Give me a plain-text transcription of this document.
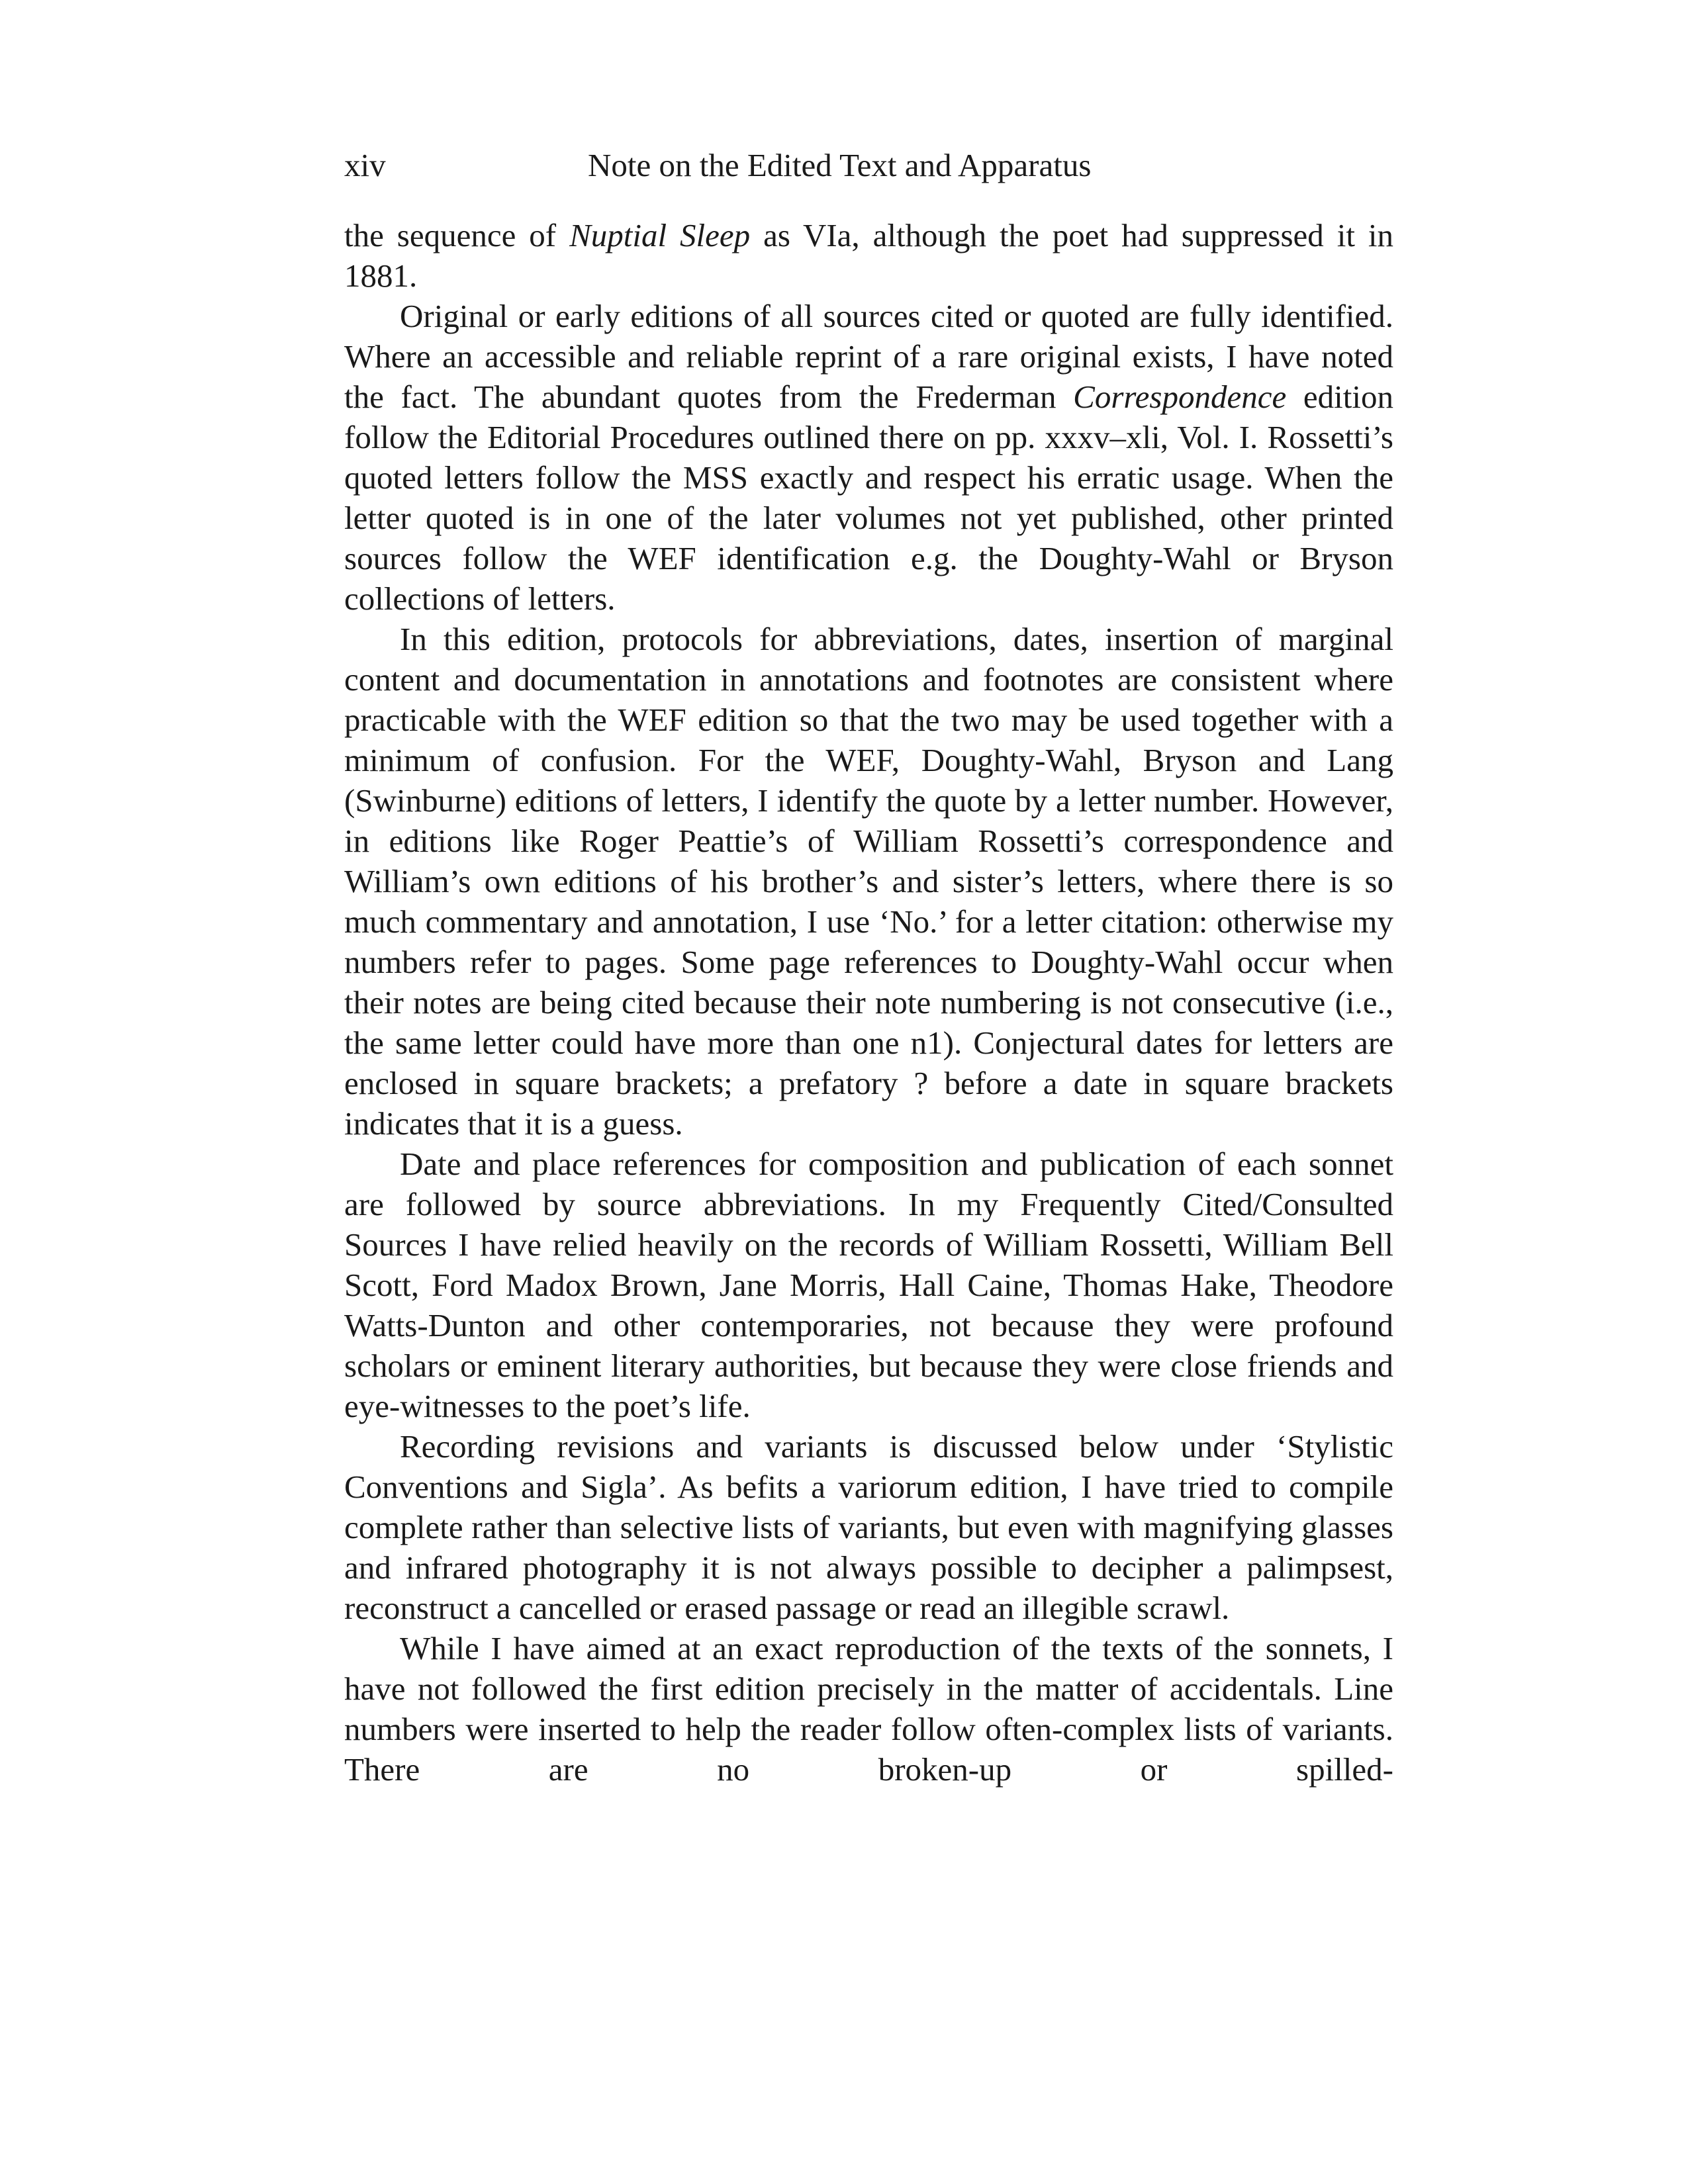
xiv	Note on the Edited Text and Apparatus

the sequence of Nuptial Sleep as VIa, although the poet had suppressed it in 1881.

Original or early editions of all sources cited or quoted are fully identified. Where an accessible and reliable reprint of a rare original exists, I have noted the fact. The abundant quotes from the Frederman Correspondence edition follow the Editorial Procedures outlined there on pp. xxxv–xli, Vol. I. Rossetti’s quoted letters follow the MSS exactly and respect his erratic usage. When the letter quoted is in one of the later volumes not yet published, other printed sources follow the WEF identification e.g. the Doughty-Wahl or Bryson collections of letters.

In this edition, protocols for abbreviations, dates, insertion of marginal content and documentation in annotations and footnotes are consistent where practicable with the WEF edition so that the two may be used together with a minimum of confusion. For the WEF, Doughty-Wahl, Bryson and Lang (Swinburne) editions of letters, I identify the quote by a letter number. However, in editions like Roger Peattie’s of William Rossetti’s correspondence and William’s own editions of his brother’s and sister’s letters, where there is so much commentary and annotation, I use ‘No.’ for a letter citation: otherwise my numbers refer to pages. Some page references to Doughty-Wahl occur when their notes are being cited because their note numbering is not consecutive (i.e., the same letter could have more than one n1). Conjectural dates for letters are enclosed in square brackets; a prefatory ? before a date in square brackets indicates that it is a guess.

Date and place references for composition and publication of each sonnet are followed by source abbreviations. In my Frequently Cited/Consulted Sources I have relied heavily on the records of William Rossetti, William Bell Scott, Ford Madox Brown, Jane Morris, Hall Caine, Thomas Hake, Theodore Watts-Dunton and other contemporaries, not because they were profound scholars or eminent literary authorities, but because they were close friends and eye-witnesses to the poet’s life.

Recording revisions and variants is discussed below under ‘Stylistic Conventions and Sigla’. As befits a variorum edition, I have tried to compile complete rather than selective lists of variants, but even with magnifying glasses and infrared photography it is not always possible to decipher a palimpsest, reconstruct a cancelled or erased passage or read an illegible scrawl.

While I have aimed at an exact reproduction of the texts of the sonnets, I have not followed the first edition precisely in the matter of accidentals. Line numbers were inserted to help the reader follow often-complex lists of variants. There are no broken-up or spilled-
